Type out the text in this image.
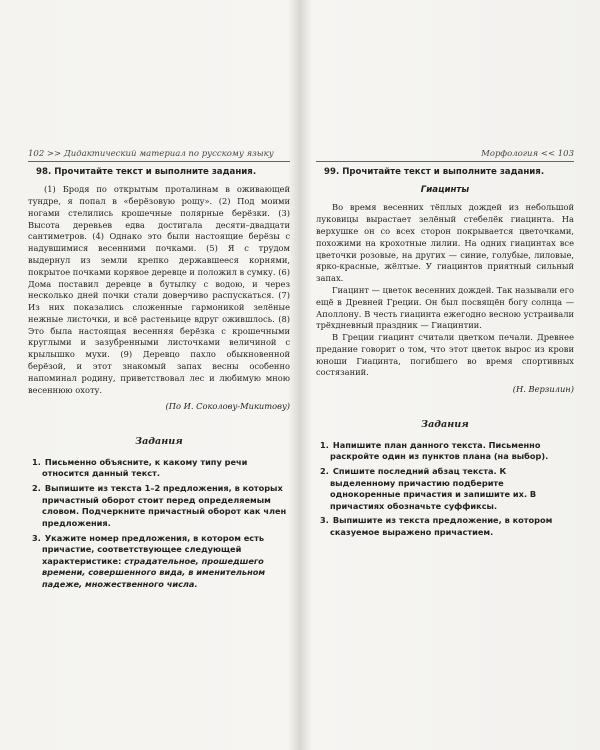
102 >> Дидактический материал по русскому языку
98. Прочитайте текст и выполните задания.

(1) Бродя по открытым проталинам в оживающей тундре, я попал в «берёзовую рощу». (2) Под моими ногами стелились крошечные полярные берёзки. (3) Высота деревьев едва достигала десяти–двадцати сантиметров. (4) Однако это были настоящие берёзы с надувшимися весенними почками. (5) Я с трудом выдернул из земли крепко державшееся корнями, покрытое почками корявое деревце и положил в сумку. (6) Дома поставил деревце в бутылку с водою, и через несколько дней почки стали доверчиво распускаться. (7) Из них показались сложенные гармоникой зелёные нежные листочки, и всё растеньице вдруг ожившлось. (8) Это была настоящая весенняя берёзка с крошечными круглыми и зазубренными листочками величиной с крылышко мухи. (9) Деревцо пахло обыкновенной берёзой, и этот знакомый запах весны особенно напоминал родину, приветствовал лес и любимую мною весеннюю охоту.

(По И. Соколову-Микитову)

Задания
1. Письменно объясните, к какому типу речи относится данный текст.
2. Выпишите из текста 1–2 предложения, в которых причастный оборот стоит перед определяемым словом. Подчеркните причастный оборот как член предложения.
3. Укажите номер предложения, в котором есть причастие, соответствующее следующей характеристике: страдательное, прошедшего времени, совершенного вида, в именительном падеже, множественного числа.
Морфология << 103
99. Прочитайте текст и выполните задания.
Гиацинты

Во время весенних тёплых дождей из небольшой луковицы вырастает зелёный стебелёк гиацинта. На верхушке он со всех сторон покрывается цветочками, похожими на крохотные лилии. На одних гиацинтах все цветочки розовые, на других — синие, голубые, лиловые, ярко-красные, жёлтые. У гиацинтов приятный сильный запах.

Гиацинт — цветок весенних дождей. Так называли его ещё в Древней Греции. Он был посвящён богу солнца — Аполлону. В честь гиацинта ежегодно весною устраивали трёхдневный праздник — Гиацинтии.

В Греции гиацинт считали цветком печали. Древнее предание говорит о том, что этот цветок вырос из крови юноши Гиацинта, погибшего во время спортивных состязаний.

(Н. Верзилин)

Задания
1. Напишите план данного текста. Письменно раскройте один из пунктов плана (на выбор).
2. Спишите последний абзац текста. К выделенному причастию подберите однокоренные причастия и запишите их. В причастиях обозначьте суффиксы.
3. Выпишите из текста предложение, в котором сказуемое выражено причастием.
